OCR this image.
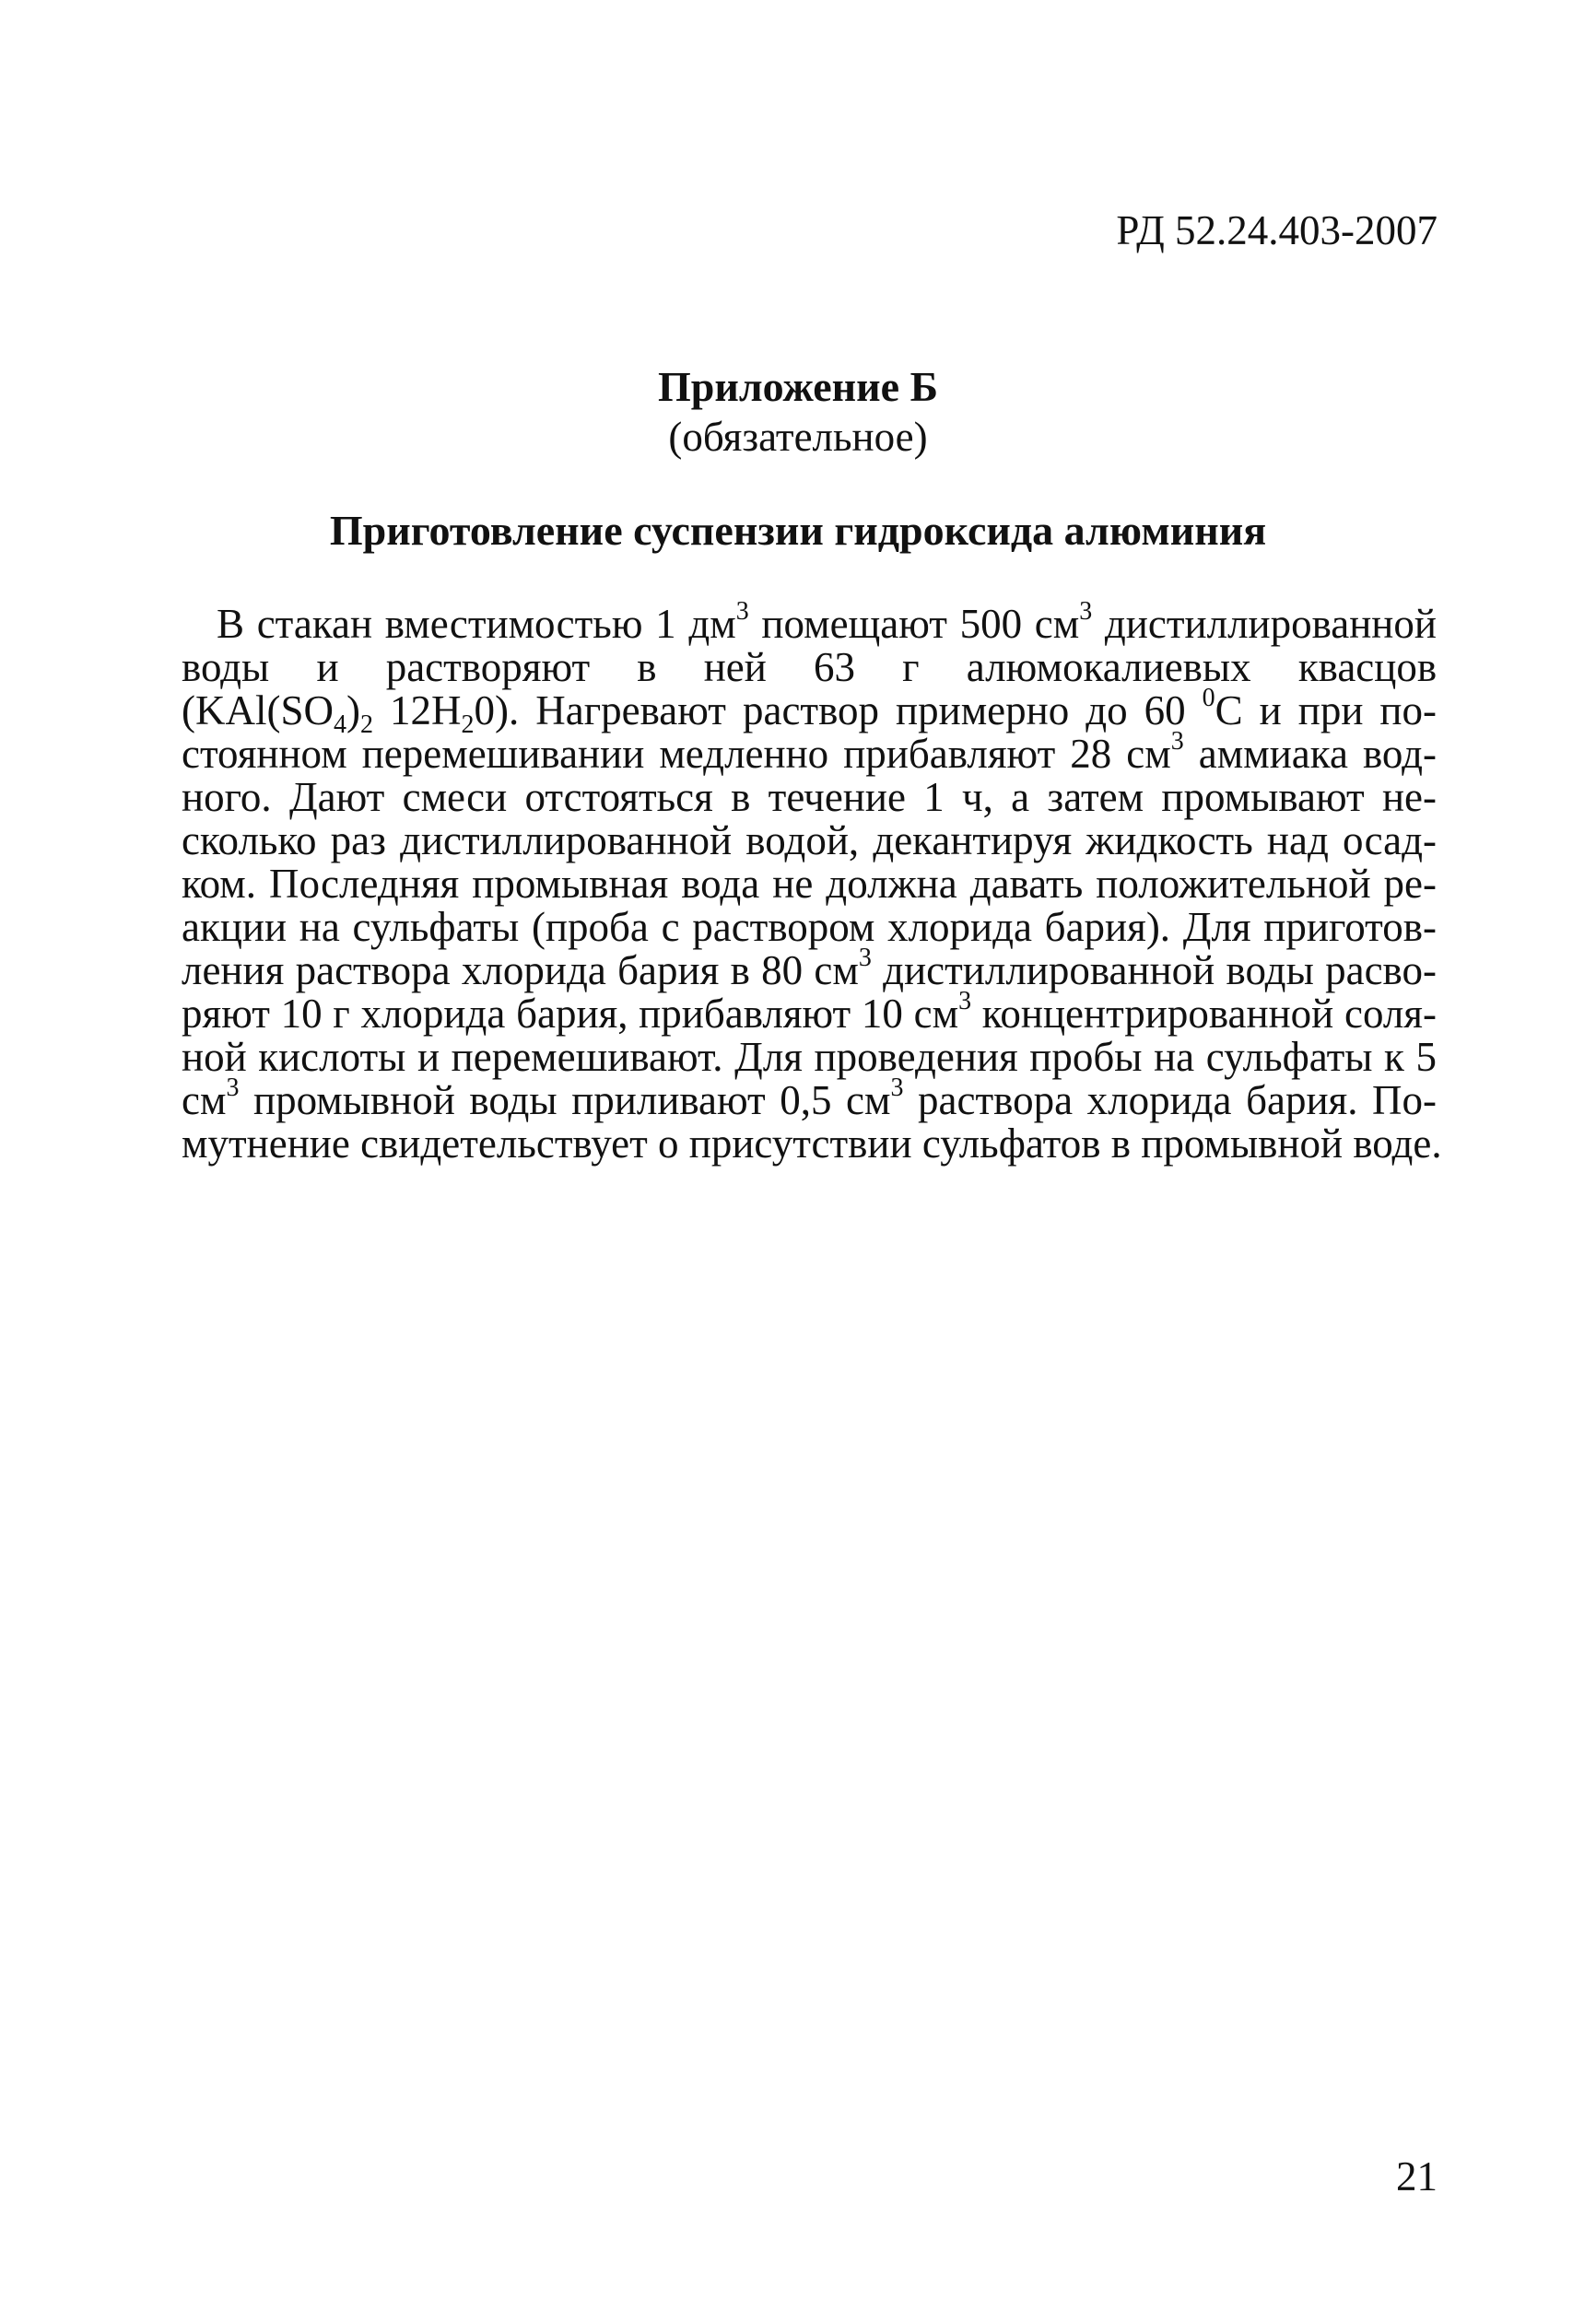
РД 52.24.403-2007
Приложение Б
(обязательное)
Приготовление суспензии гидроксида алюминия
В стакан вместимостью 1 $дм^3$ помещают 500 $см^3$ дистиллированной
воды и растворяют в ней 63 г алюмокалиевых квасцов
($KAl(SO_4)_2$ $12H_20$). Нагревают раствор примерно до 60 $^0$С и при по-
стоянном перемешивании медленно прибавляют 28 $см^3$ аммиака вод-
ного. Дают смеси отстояться в течение 1 ч, а затем промывают не-
сколько раз дистиллированной водой, декантируя жидкость над осад-
ком. Последняя промывная вода не должна давать положительной ре-
акции на сульфаты (проба с раствором хлорида бария). Для приготов-
ления раствора хлорида бария в 80 $см^3$ дистиллированной воды расво-
ряют 10 г хлорида бария, прибавляют 10 $см^3$ концентрированной соля-
ной кислоты и перемешивают. Для проведения пробы на сульфаты к 5
$см^3$ промывной воды приливают 0,5 $см^3$ раствора хлорида бария. По-
мутнение свидетельствует о присутствии сульфатов в промывной воде.
21
